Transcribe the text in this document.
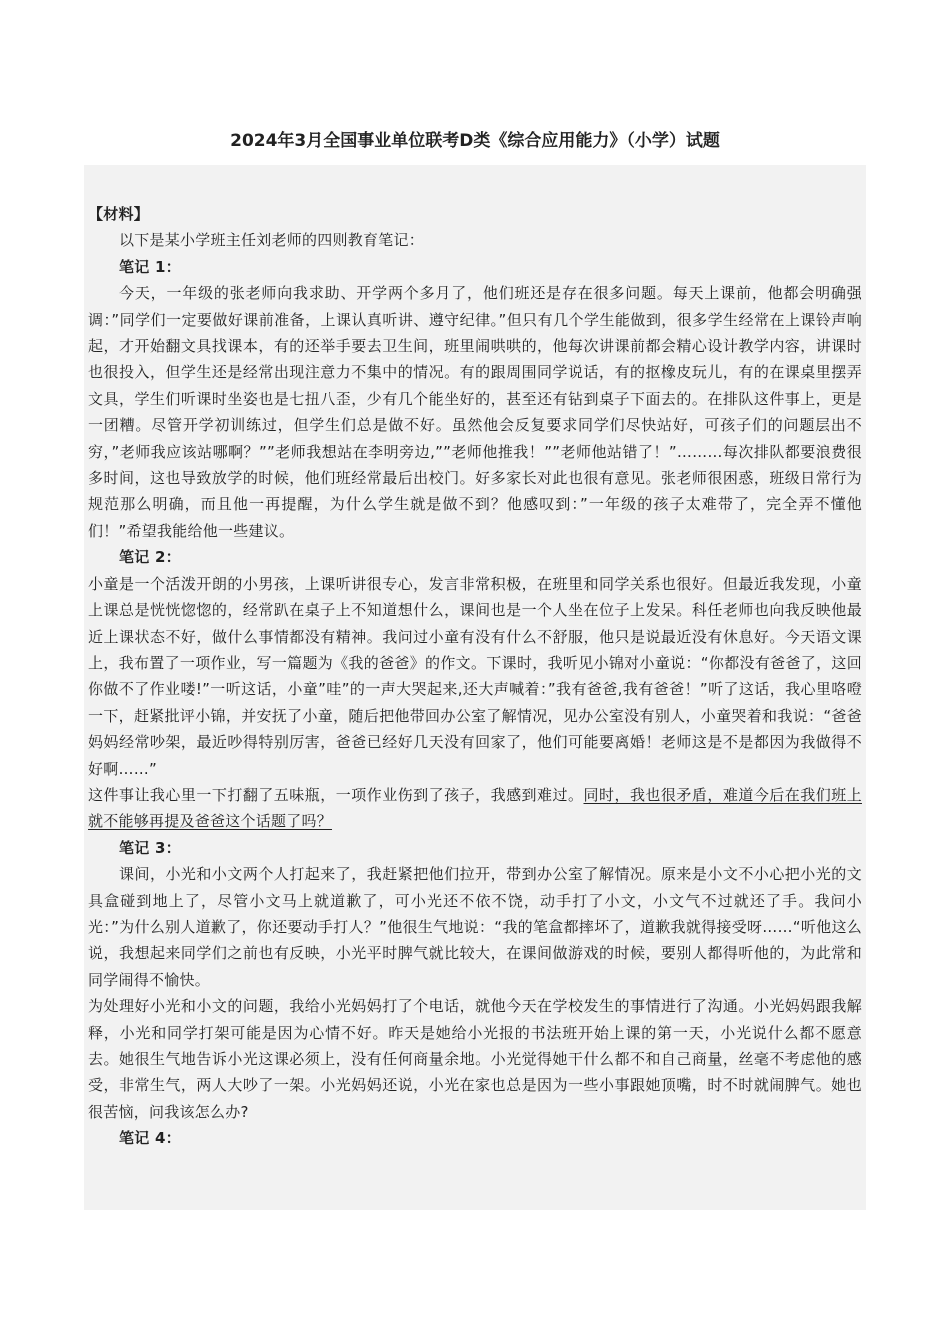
2024年3月全国事业单位联考D类《综合应用能力》（小学）试题

【材料】

以下是某小学班主任刘老师的四则教育笔记：

笔记 1：

今天，一年级的张老师向我求助、开学两个多月了，他们班还是存在很多问题。每天上课前，他都会明确强调：”同学们一定要做好课前准备，上课认真听讲、遵守纪律。”但只有几个学生能做到，很多学生经常在上课铃声响起，才开始翻文具找课本，有的还举手要去卫生间，班里闹哄哄的，他每次讲课前都会精心设计教学内容，讲课时也很投入，但学生还是经常出现注意力不集中的情况。有的跟周围同学说话，有的抠橡皮玩儿，有的在课桌里摆弄文具，学生们听课时坐姿也是七扭八歪，少有几个能坐好的，甚至还有钻到桌子下面去的。在排队这件事上，更是一团糟。尽管开学初训练过，但学生们总是做不好。虽然他会反复要求同学们尽快站好，可孩子们的问题层出不穷，”老师我应该站哪啊？””老师我想站在李明旁边,””老师他推我！””老师他站错了！”………每次排队都要浪费很多时间，这也导致放学的时候，他们班经常最后出校门。好多家长对此也很有意见。张老师很困惑，班级日常行为规范那么明确，而且他一再提醒，为什么学生就是做不到？他感叹到：”一年级的孩子太难带了，完全弄不懂他们！”希望我能给他一些建议。

笔记 2：

小童是一个活泼开朗的小男孩，上课听讲很专心，发言非常积极，在班里和同学关系也很好。但最近我发现，小童上课总是恍恍惚惚的，经常趴在桌子上不知道想什么，课间也是一个人坐在位子上发呆。科任老师也向我反映他最近上课状态不好，做什么事情都没有精神。我问过小童有没有什么不舒服，他只是说最近没有休息好。今天语文课上，我布置了一项作业，写一篇题为《我的爸爸》的作文。下课时，我听见小锦对小童说：“你都没有爸爸了，这回你做不了作业喽!”一听这话，小童”哇”的一声大哭起来,还大声喊着：”我有爸爸,我有爸爸！”听了这话，我心里咯噔一下，赶紧批评小锦，并安抚了小童，随后把他带回办公室了解情况，见办公室没有别人，小童哭着和我说：“爸爸妈妈经常吵架，最近吵得特别厉害，爸爸已经好几天没有回家了，他们可能要离婚！老师这是不是都因为我做得不好啊……”

这件事让我心里一下打翻了五味瓶，一项作业伤到了孩子，我感到难过。同时，我也很矛盾，难道今后在我们班上就不能够再提及爸爸这个话题了吗？

笔记 3：

课间，小光和小文两个人打起来了，我赶紧把他们拉开，带到办公室了解情况。原来是小文不小心把小光的文具盒碰到地上了，尽管小文马上就道歉了，可小光还不依不饶，动手打了小文，小文气不过就还了手。我问小光：”为什么别人道歉了，你还要动手打人？”他很生气地说：“我的笔盒都摔坏了，道歉我就得接受呀……“听他这么说，我想起来同学们之前也有反映，小光平时脾气就比较大，在课间做游戏的时候，要别人都得听他的，为此常和同学闹得不愉快。

为处理好小光和小文的问题，我给小光妈妈打了个电话，就他今天在学校发生的事情进行了沟通。小光妈妈跟我解释，小光和同学打架可能是因为心情不好。昨天是她给小光报的书法班开始上课的第一天，小光说什么都不愿意去。她很生气地告诉小光这课必须上，没有任何商量余地。小光觉得她干什么都不和自己商量，丝毫不考虑他的感受，非常生气，两人大吵了一架。小光妈妈还说，小光在家也总是因为一些小事跟她顶嘴，时不时就闹脾气。她也很苦恼，问我该怎么办?

笔记 4：
